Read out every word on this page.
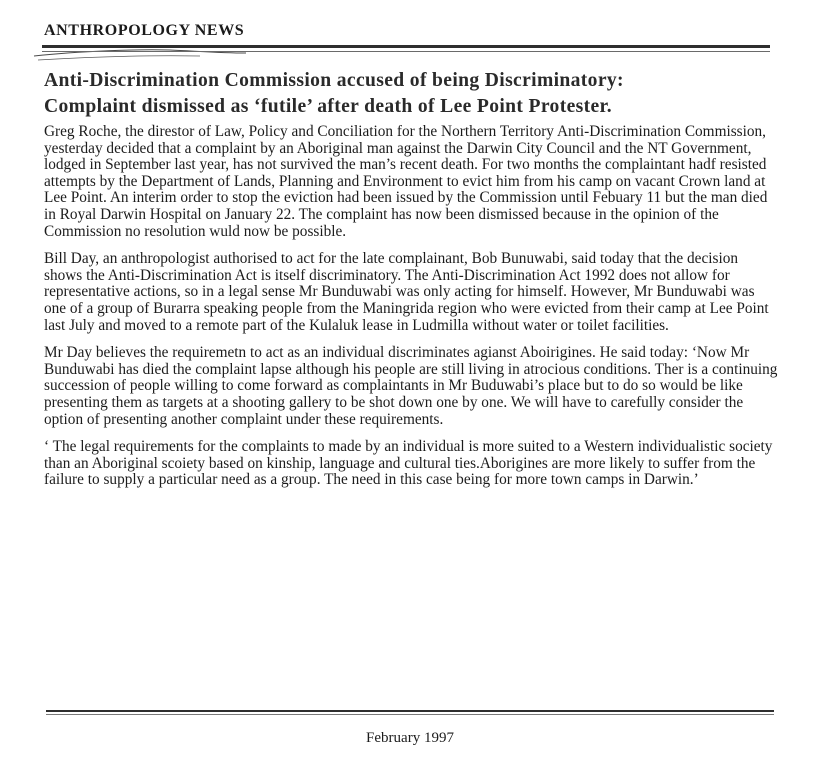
ANTHROPOLOGY NEWS
Anti-Discrimination Commission accused of being Discriminatory:
Complaint dismissed as ‘futile’ after death of Lee Point Protester.

Greg Roche, the direstor of Law, Policy and Conciliation for the Northern Territory Anti-Discrimination Commission, yesterday decided that a complaint by an Aboriginal man against the Darwin City Council and the NT Government, lodged in September last year, has not survived the man’s recent death. For two months the complaintant hadf resisted attempts by the Department of Lands, Planning and Environment to evict him from his camp on vacant Crown land at Lee Point. An interim order to stop the eviction had been issued by the Commission until Febuary 11 but the man died in Royal Darwin Hospital on January 22. The complaint has now been dismissed because in the opinion of the Commission no resolution wuld now be possible.

Bill Day, an anthropologist authorised to act for the late complainant, Bob Bunuwabi, said today that the decision shows the Anti-Discrimination Act is itself discriminatory. The Anti-Discrimination Act 1992 does not allow for representative actions, so in a legal sense Mr Bunduwabi was only acting for himself. However, Mr Bunduwabi was one of a group of Burarra speaking people from the Maningrida region who were evicted from their camp at Lee Point last July and moved to a remote part of the Kulaluk lease in Ludmilla without water or toilet facilities.

Mr Day believes the requiremetn to act as an individual discriminates agianst Aboirigines. He said today: ‘Now Mr Bunduwabi has died the complaint lapse although his people are still living in atrocious conditions. Ther is a continuing succession of people willing to come forward as complaintants in Mr Buduwabi’s place but to do so would be like presenting them as targets at a shooting gallery to be shot down one by one. We will have to carefully consider the option of presenting another complaint under these requirements.

‘ The legal requirements for the complaints to made by an individual is more suited to a Western individualistic society than an Aboriginal scoiety based on kinship, language and cultural ties.Aborigines are more likely to suffer from the failure to supply a particular need as a group. The need in this case being for more town camps in Darwin.’

February 1997
